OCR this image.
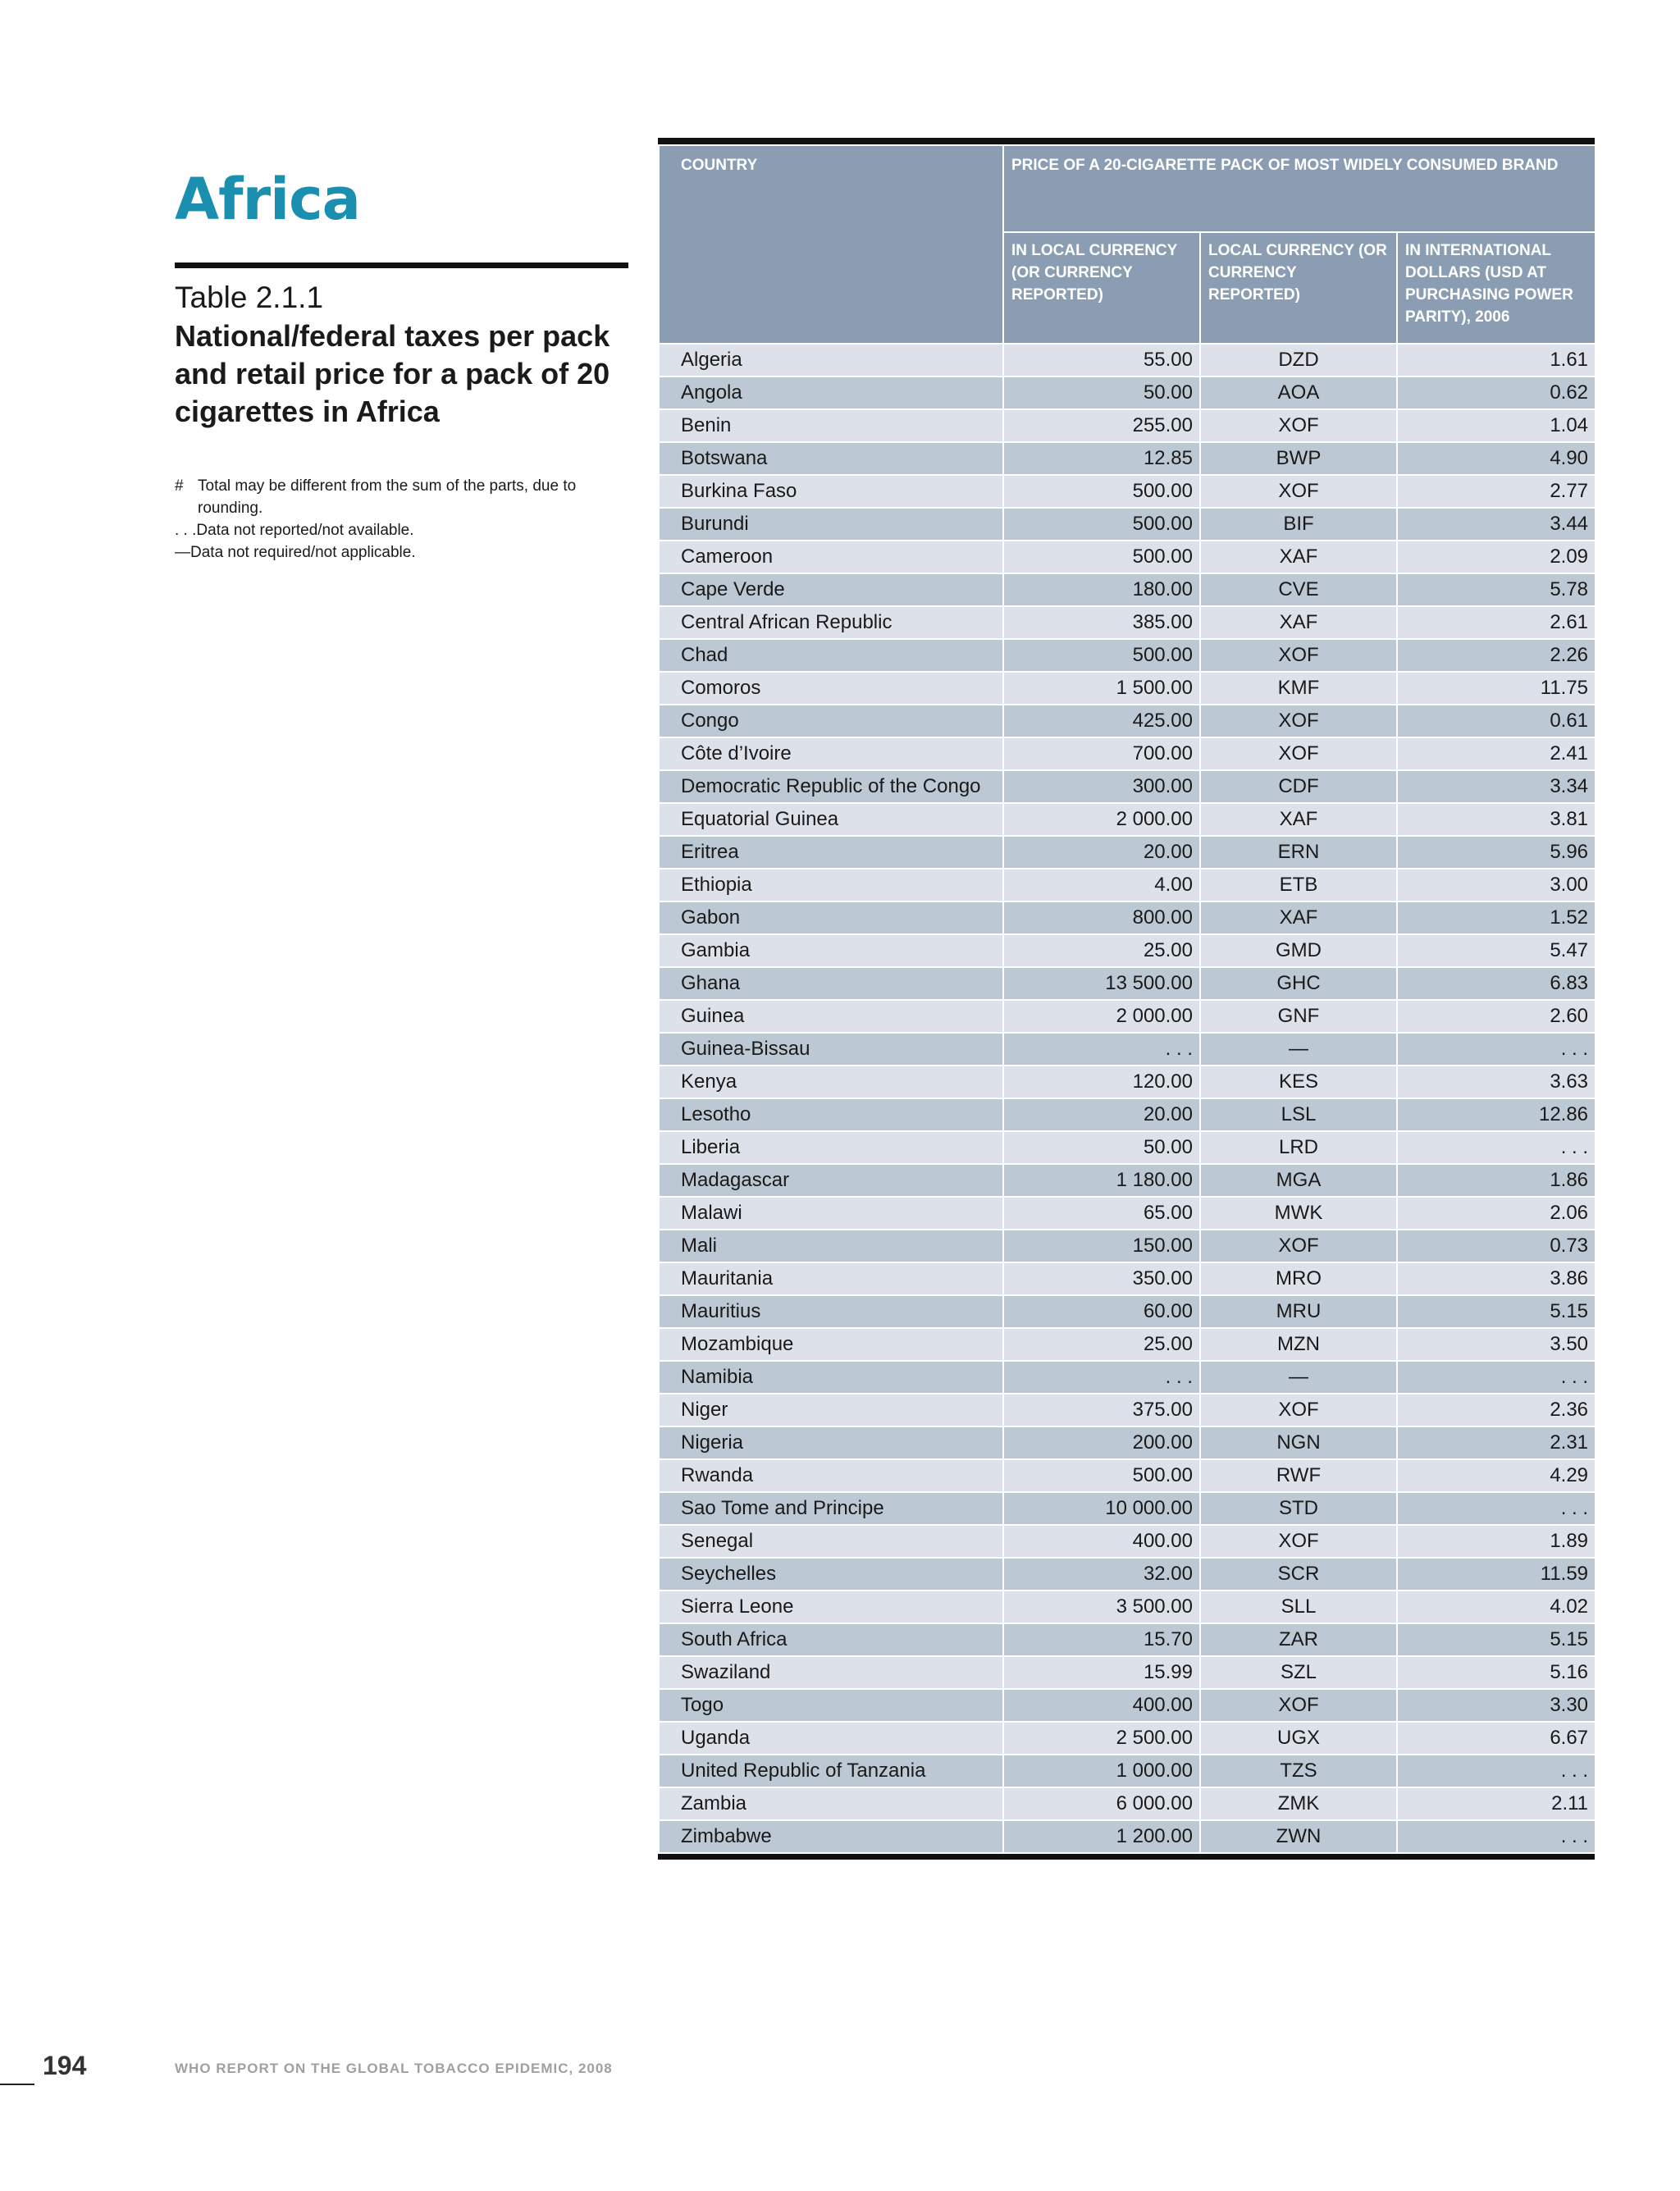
Africa
Table 2.1.1
National/federal taxes per pack and retail price for a pack of 20 cigarettes in Africa
# Total may be different from the sum of the parts, due to rounding.
. . . Data not reported/not available.
— Data not required/not applicable.
COUNTRY	PRICE OF A 20-CIGARETTE PACK OF MOST WIDELY CONSUMED BRAND		
	IN LOCAL CURRENCY (OR CURRENCY REPORTED)	LOCAL CURRENCY (OR CURRENCY REPORTED)	IN INTERNATIONAL DOLLARS (USD AT PURCHASING POWER PARITY), 2006
Algeria	55.00	DZD	1.61
Angola	50.00	AOA	0.62
Benin	255.00	XOF	1.04
Botswana	12.85	BWP	4.90
Burkina Faso	500.00	XOF	2.77
Burundi	500.00	BIF	3.44
Cameroon	500.00	XAF	2.09
Cape Verde	180.00	CVE	5.78
Central African Republic	385.00	XAF	2.61
Chad	500.00	XOF	2.26
Comoros	1 500.00	KMF	11.75
Congo	425.00	XOF	0.61
Côte d’Ivoire	700.00	XOF	2.41
Democratic Republic of the Congo	300.00	CDF	3.34
Equatorial Guinea	2 000.00	XAF	3.81
Eritrea	20.00	ERN	5.96
Ethiopia	4.00	ETB	3.00
Gabon	800.00	XAF	1.52
Gambia	25.00	GMD	5.47
Ghana	13 500.00	GHC	6.83
Guinea	2 000.00	GNF	2.60
Guinea-Bissau	. . .	—	. . .
Kenya	120.00	KES	3.63
Lesotho	20.00	LSL	12.86
Liberia	50.00	LRD	. . .
Madagascar	1 180.00	MGA	1.86
Malawi	65.00	MWK	2.06
Mali	150.00	XOF	0.73
Mauritania	350.00	MRO	3.86
Mauritius	60.00	MRU	5.15
Mozambique	25.00	MZN	3.50
Namibia	. . .	—	. . .
Niger	375.00	XOF	2.36
Nigeria	200.00	NGN	2.31
Rwanda	500.00	RWF	4.29
Sao Tome and Principe	10 000.00	STD	. . .
Senegal	400.00	XOF	1.89
Seychelles	32.00	SCR	11.59
Sierra Leone	3 500.00	SLL	4.02
South Africa	15.70	ZAR	5.15
Swaziland	15.99	SZL	5.16
Togo	400.00	XOF	3.30
Uganda	2 500.00	UGX	6.67
United Republic of Tanzania	1 000.00	TZS	. . .
Zambia	6 000.00	ZMK	2.11
Zimbabwe	1 200.00	ZWN	. . .
194	WHO REPORT ON THE GLOBAL TOBACCO EPIDEMIC, 2008
